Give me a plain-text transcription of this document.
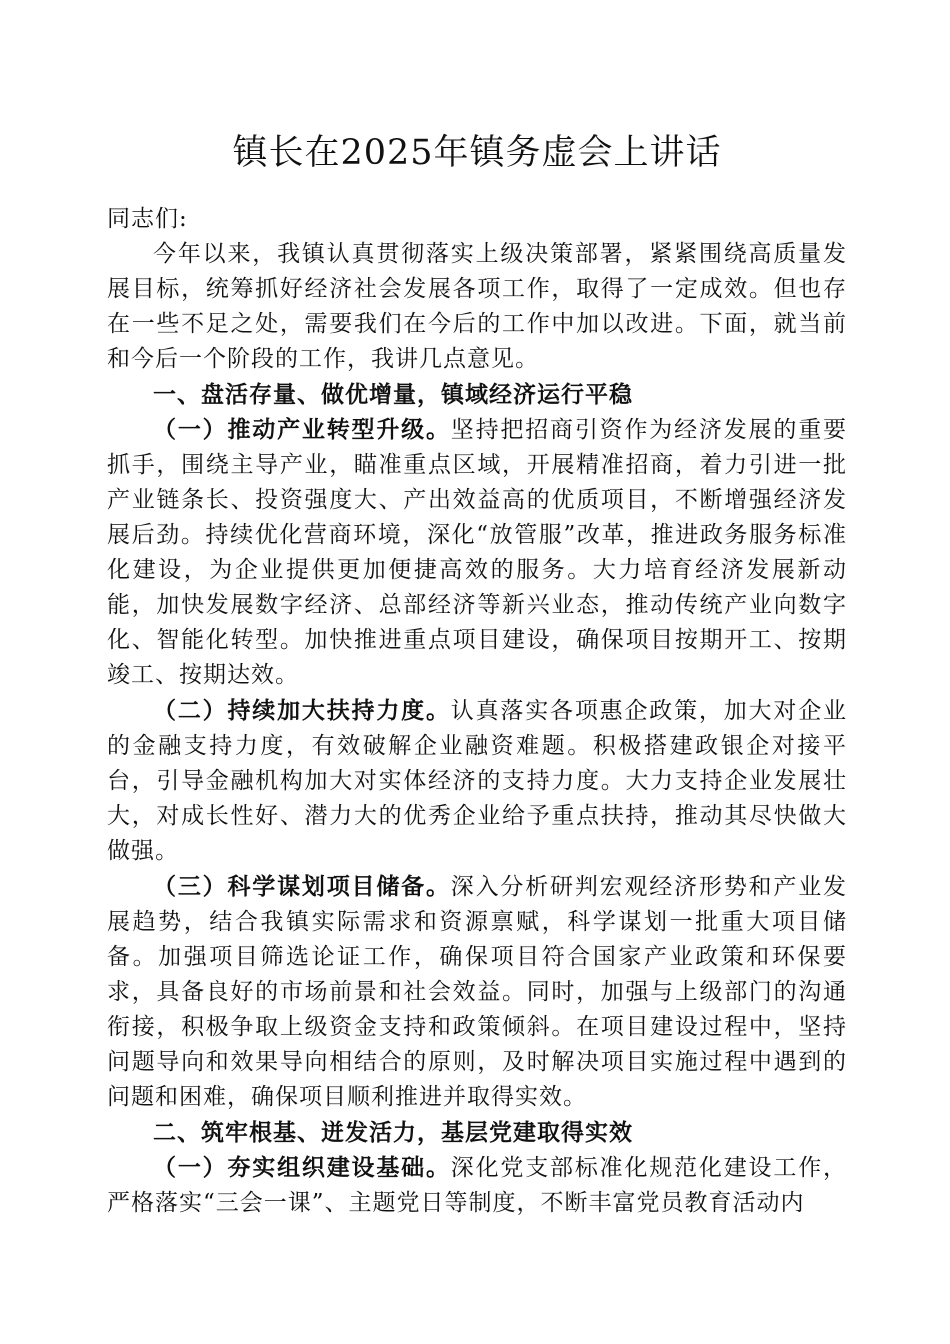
镇长在2025年镇务虚会上讲话

同志们:

今年以来，我镇认真贯彻落实上级决策部署，紧紧围绕高质量发展目标，统筹抓好经济社会发展各项工作，取得了一定成效。但也存在一些不足之处，需要我们在今后的工作中加以改进。下面，就当前和今后一个阶段的工作，我讲几点意见。

一、盘活存量、做优增量，镇域经济运行平稳

（一）推动产业转型升级。坚持把招商引资作为经济发展的重要抓手，围绕主导产业，瞄准重点区域，开展精准招商，着力引进一批产业链条长、投资强度大、产出效益高的优质项目，不断增强经济发展后劲。持续优化营商环境，深化“放管服”改革，推进政务服务标准化建设，为企业提供更加便捷高效的服务。大力培育经济发展新动能，加快发展数字经济、总部经济等新兴业态，推动传统产业向数字化、智能化转型。加快推进重点项目建设，确保项目按期开工、按期竣工、按期达效。

（二）持续加大扶持力度。认真落实各项惠企政策，加大对企业的金融支持力度，有效破解企业融资难题。积极搭建政银企对接平台，引导金融机构加大对实体经济的支持力度。大力支持企业发展壮大，对成长性好、潜力大的优秀企业给予重点扶持，推动其尽快做大做强。

（三）科学谋划项目储备。深入分析研判宏观经济形势和产业发展趋势，结合我镇实际需求和资源禀赋，科学谋划一批重大项目储备。加强项目筛选论证工作，确保项目符合国家产业政策和环保要求，具备良好的市场前景和社会效益。同时，加强与上级部门的沟通衔接，积极争取上级资金支持和政策倾斜。在项目建设过程中，坚持问题导向和效果导向相结合的原则，及时解决项目实施过程中遇到的问题和困难，确保项目顺利推进并取得实效。

二、筑牢根基、迸发活力，基层党建取得实效

（一）夯实组织建设基础。深化党支部标准化规范化建设工作，严格落实“三会一课”、主题党日等制度，不断丰富党员教育活动内
